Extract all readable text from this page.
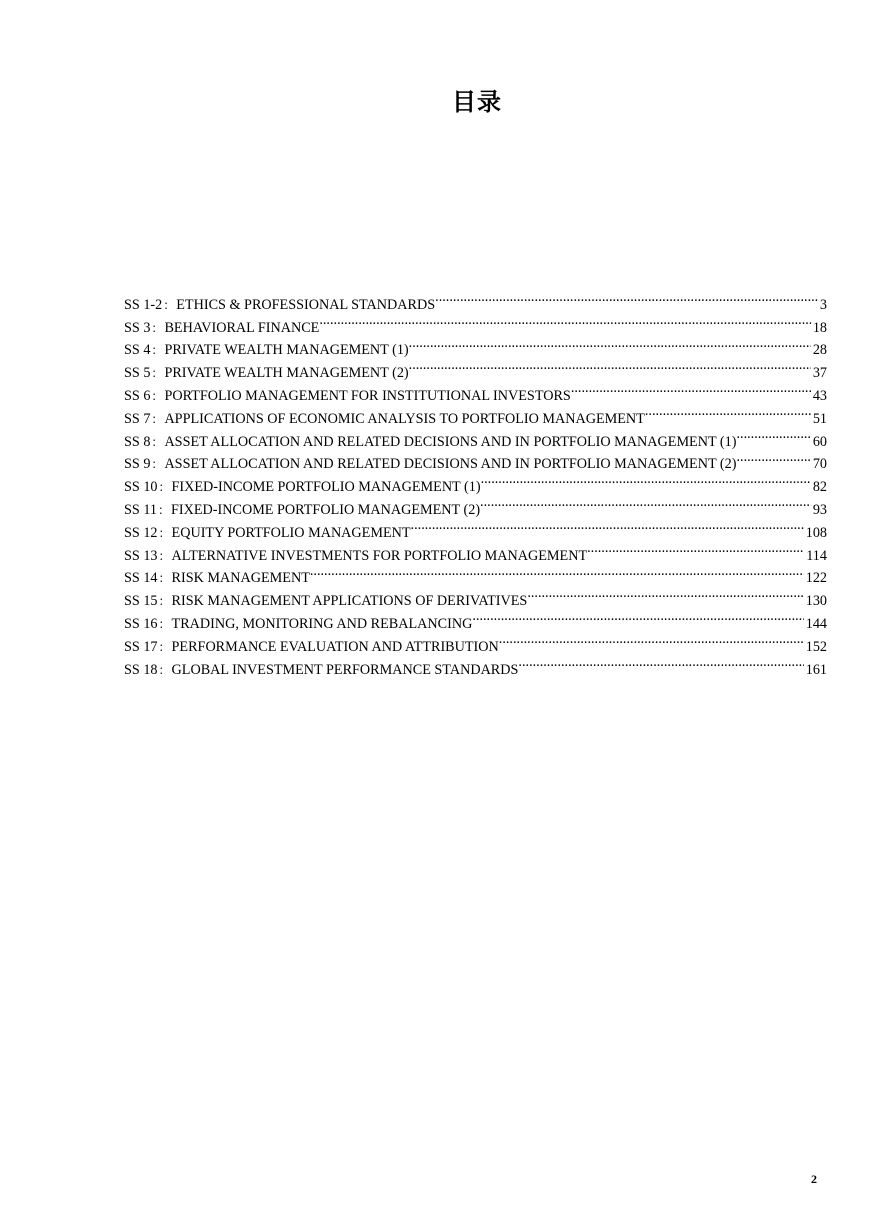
目录
SS 1-2 ： ETHICS & PROFESSIONAL STANDARDS .....	3
SS 3 ： BEHAVIORAL FINANCE .....	18
SS 4 ： PRIVATE WEALTH MANAGEMENT (1) .....	28
SS 5 ： PRIVATE WEALTH MANAGEMENT (2) .....	37
SS 6 ： PORTFOLIO MANAGEMENT FOR INSTITUTIONAL INVESTORS .....	43
SS 7 ： APPLICATIONS OF ECONOMIC ANALYSIS TO PORTFOLIO MANAGEMENT .....	51
SS 8 ： ASSET ALLOCATION AND RELATED DECISIONS AND IN PORTFOLIO MANAGEMENT (1) .....	60
SS 9 ： ASSET ALLOCATION AND RELATED DECISIONS AND IN PORTFOLIO MANAGEMENT (2) .....	70
SS 10 ： FIXED-INCOME PORTFOLIO MANAGEMENT (1) .....	82
SS 11 ： FIXED-INCOME PORTFOLIO MANAGEMENT (2) .....	93
SS 12 ： EQUITY PORTFOLIO MANAGEMENT .....	108
SS 13 ： ALTERNATIVE INVESTMENTS FOR PORTFOLIO MANAGEMENT .....	114
SS 14 ： RISK MANAGEMENT .....	122
SS 15 ： RISK MANAGEMENT APPLICATIONS OF DERIVATIVES .....	130
SS 16 ： TRADING, MONITORING AND REBALANCING .....	144
SS 17 ： PERFORMANCE EVALUATION AND ATTRIBUTION .....	152
SS 18 ： GLOBAL INVESTMENT PERFORMANCE STANDARDS .....	161
2
